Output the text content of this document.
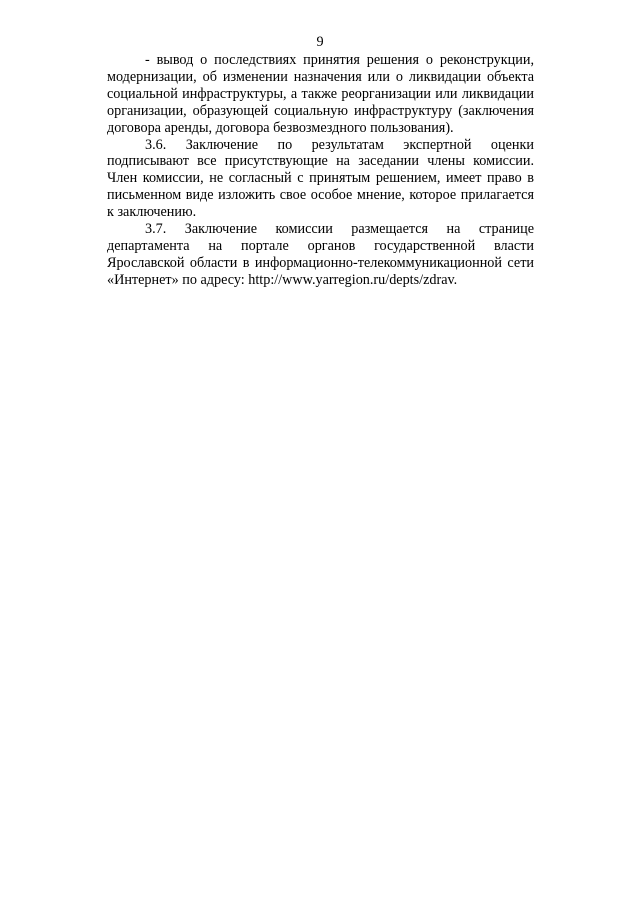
9

- вывод о последствиях принятия решения о реконструкции, модернизации, об изменении назначения или о ликвидации объекта социальной инфраструктуры, а также реорганизации или ликвидации организации, образующей социальную инфраструктуру (заключения договора аренды, договора безвозмездного пользования).

3.6. Заключение по результатам экспертной оценки подписывают все присутствующие на заседании члены комиссии. Член комиссии, не согласный с принятым решением, имеет право в письменном виде изложить свое особое мнение, которое прилагается к заключению.

3.7. Заключение комиссии размещается на странице департамента на портале органов государственной власти Ярославской области в информационно-телекоммуникационной сети «Интернет» по адресу: http://www.yarregion.ru/depts/zdrav.
